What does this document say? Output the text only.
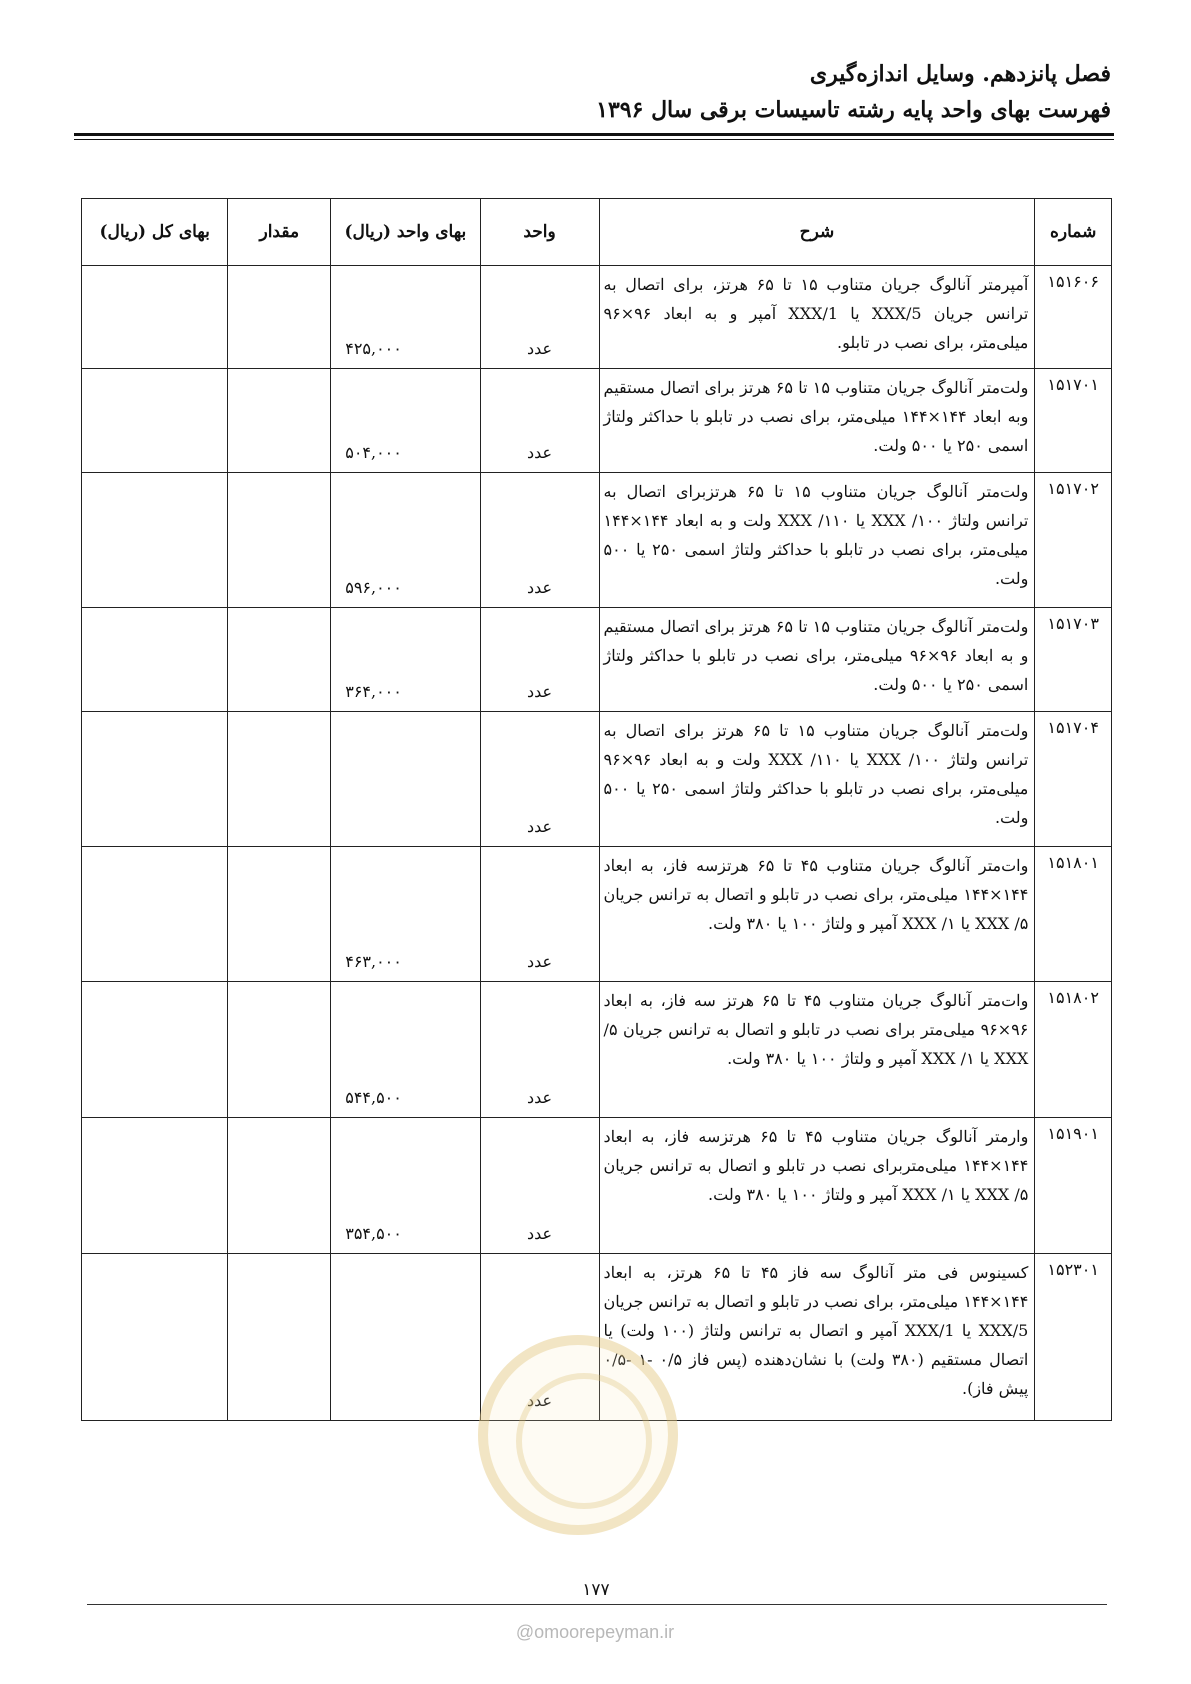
فصل پانزدهم. وسایل اندازه‌گیری
فهرست بهای واحد پایه رشته تاسیسات برقی سال ۱۳۹۶
شماره	شرح	واحد	بهای واحد (ریال)	مقدار	بهای کل (ریال)
۱۵۱۶۰۶	آمپرمتر آنالوگ جریان متناوب ۱۵ تا ۶۵ هرتز، برای اتصال به ترانس جریان XXX/5 یا XXX/1 آمپر و به ابعاد ۹۶×۹۶ میلی‌متر، برای نصب در تابلو.	عدد	۴۲۵,۰۰۰		
۱۵۱۷۰۱	ولت‌متر آنالوگ جریان متناوب ۱۵ تا ۶۵ هرتز برای اتصال مستقیم وبه ابعاد ۱۴۴×۱۴۴ میلی‌متر، برای نصب در تابلو با حداکثر ولتاژ اسمی ۲۵۰ یا ۵۰۰ ولت.	عدد	۵۰۴,۰۰۰		
۱۵۱۷۰۲	ولت‌متر آنالوگ جریان متناوب ۱۵ تا ۶۵ هرتزبرای اتصال به ترانس ولتاژ ۱۰۰/ XXX یا ۱۱۰/ XXX ولت و به ابعاد ۱۴۴×۱۴۴ میلی‌متر، برای نصب در تابلو با حداکثر ولتاژ اسمی ۲۵۰ یا ۵۰۰ ولت.	عدد	۵۹۶,۰۰۰		
۱۵۱۷۰۳	ولت‌متر آنالوگ جریان متناوب ۱۵ تا ۶۵ هرتز برای اتصال مستقیم و به ابعاد ۹۶×۹۶ میلی‌متر، برای نصب در تابلو با حداکثر ولتاژ اسمی ۲۵۰ یا ۵۰۰ ولت.	عدد	۳۶۴,۰۰۰		
۱۵۱۷۰۴	ولت‌متر آنالوگ جریان متناوب ۱۵ تا ۶۵ هرتز برای اتصال به ترانس ولتاژ ۱۰۰/ XXX یا ۱۱۰/ XXX ولت و به ابعاد ۹۶×۹۶ میلی‌متر، برای نصب در تابلو با حداکثر ولتاژ اسمی ۲۵۰ یا ۵۰۰ ولت.	عدد			
۱۵۱۸۰۱	وات‌متر آنالوگ جریان متناوب ۴۵ تا ۶۵ هرتزسه فاز، به ابعاد ۱۴۴×۱۴۴ میلی‌متر، برای نصب در تابلو و اتصال به ترانس جریان ۵/ XXX یا ۱/ XXX آمپر و ولتاژ ۱۰۰ یا ۳۸۰ ولت.	عدد	۴۶۳,۰۰۰		
۱۵۱۸۰۲	وات‌متر آنالوگ جریان متناوب ۴۵ تا ۶۵ هرتز سه فاز، به ابعاد ۹۶×۹۶ میلی‌متر برای نصب در تابلو و اتصال به ترانس جریان ۵/ XXX یا ۱/ XXX آمپر و ولتاژ ۱۰۰ یا ۳۸۰ ولت.	عدد	۵۴۴,۵۰۰		
۱۵۱۹۰۱	وارمتر آنالوگ جریان متناوب ۴۵ تا ۶۵ هرتزسه فاز، به ابعاد ۱۴۴×۱۴۴ میلی‌متربرای نصب در تابلو و اتصال به ترانس جریان ۵/ XXX یا ۱/ XXX آمپر و ولتاژ ۱۰۰ یا ۳۸۰ ولت.	عدد	۳۵۴,۵۰۰		
۱۵۲۳۰۱	کسینوس فی متر آنالوگ سه فاز ۴۵ تا ۶۵ هرتز، به ابعاد ۱۴۴×۱۴۴ میلی‌متر، برای نصب در تابلو و اتصال به ترانس جریان XXX/5 یا XXX/1 آمپر و اتصال به ترانس ولتاژ (۱۰۰ ولت) یا اتصال مستقیم (۳۸۰ ولت) با نشان‌دهنده (پس فاز ۰/۵ -۱ -۰/۵ پیش فاز).	عدد			
۱۷۷
@omoorepeyman.ir
